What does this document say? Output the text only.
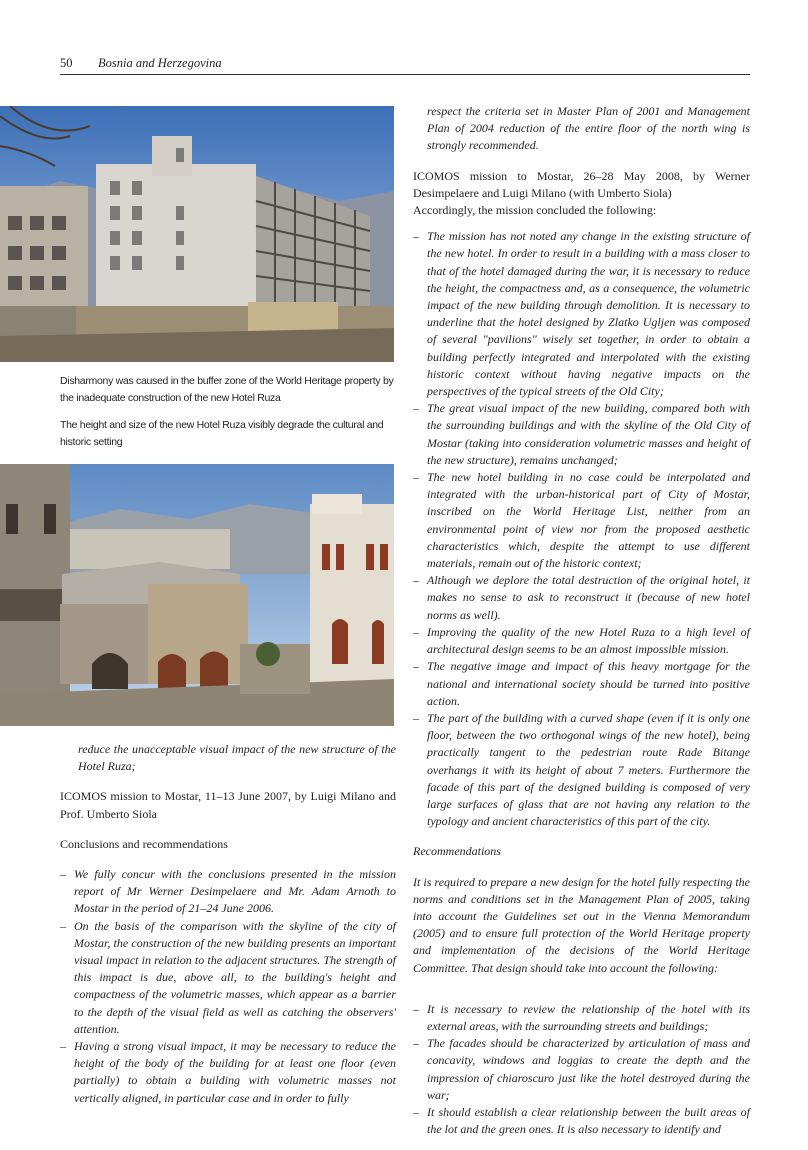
50 Bosnia and Herzegovina

Disharmony was caused in the buffer zone of the World Heritage property by the inadequate construction of the new Hotel Ruza

The height and size of the new Hotel Ruza visibly degrade the cultural and historic setting

reduce the unacceptable visual impact of the new structure of the Hotel Ruza;

ICOMOS mission to Mostar, 11–13 June 2007, by Luigi Milano and Prof. Umberto Siola

Conclusions and recommendations

– We fully concur with the conclusions presented in the mission report of Mr Werner Desimpelaere and Mr. Adam Arnoth to Mostar in the period of 21–24 June 2006.
– On the basis of the comparison with the skyline of the city of Mostar, the construction of the new building presents an important visual impact in relation to the adjacent structures. The strength of this impact is due, above all, to the building's height and compactness of the volumetric masses, which appear as a barrier to the depth of the visual field as well as catching the observers' attention.
– Having a strong visual impact, it may be necessary to reduce the height of the body of the building for at least one floor (even partially) to obtain a building with volumetric masses not vertically aligned, in particular case and in order to fully

respect the criteria set in Master Plan of 2001 and Management Plan of 2004 reduction of the entire floor of the north wing is strongly recommended.

ICOMOS mission to Mostar, 26–28 May 2008, by Werner Desimpelaere and Luigi Milano (with Umberto Siola)

Accordingly, the mission concluded the following:

– The mission has not noted any change in the existing structure of the new hotel. In order to result in a building with a mass closer to that of the hotel damaged during the war, it is necessary to reduce the height, the compactness and, as a consequence, the volumetric impact of the new building through demolition. It is necessary to underline that the hotel designed by Zlatko Ugljen was composed of several "pavilions" wisely set together, in order to obtain a building perfectly integrated and interpolated with the existing historic context without having negative impacts on the perspectives of the typical streets of the Old City;
– The great visual impact of the new building, compared both with the surrounding buildings and with the skyline of the Old City of Mostar (taking into consideration volumetric masses and height of the new structure), remains unchanged;
– The new hotel building in no case could be interpolated and integrated with the urban-historical part of City of Mostar, inscribed on the World Heritage List, neither from an environmental point of view nor from the proposed aesthetic characteristics which, despite the attempt to use different materials, remain out of the historic context;
– Although we deplore the total destruction of the original hotel, it makes no sense to ask to reconstruct it (because of new hotel norms as well).
– Improving the quality of the new Hotel Ruza to a high level of architectural design seems to be an almost impossible mission.
– The negative image and impact of this heavy mortgage for the national and international society should be turned into positive action.
– The part of the building with a curved shape (even if it is only one floor, between the two orthogonal wings of the new hotel), being practically tangent to the pedestrian route Rade Bitange overhangs it with its height of about 7 meters. Furthermore the facade of this part of the designed building is composed of very large surfaces of glass that are not having any relation to the typology and ancient characteristics of this part of the city.

Recommendations

It is required to prepare a new design for the hotel fully respecting the norms and conditions set in the Management Plan of 2005, taking into account the Guidelines set out in the Vienna Memorandum (2005) and to ensure full protection of the World Heritage property and implementation of the decisions of the World Heritage Committee. That design should take into account the following:

– It is necessary to review the relationship of the hotel with its external areas, with the surrounding streets and buildings;
– The facades should be characterized by articulation of mass and concavity, windows and loggias to create the depth and the impression of chiaroscuro just like the hotel destroyed during the war;
– It should establish a clear relationship between the built areas of the lot and the green ones. It is also necessary to identify and
